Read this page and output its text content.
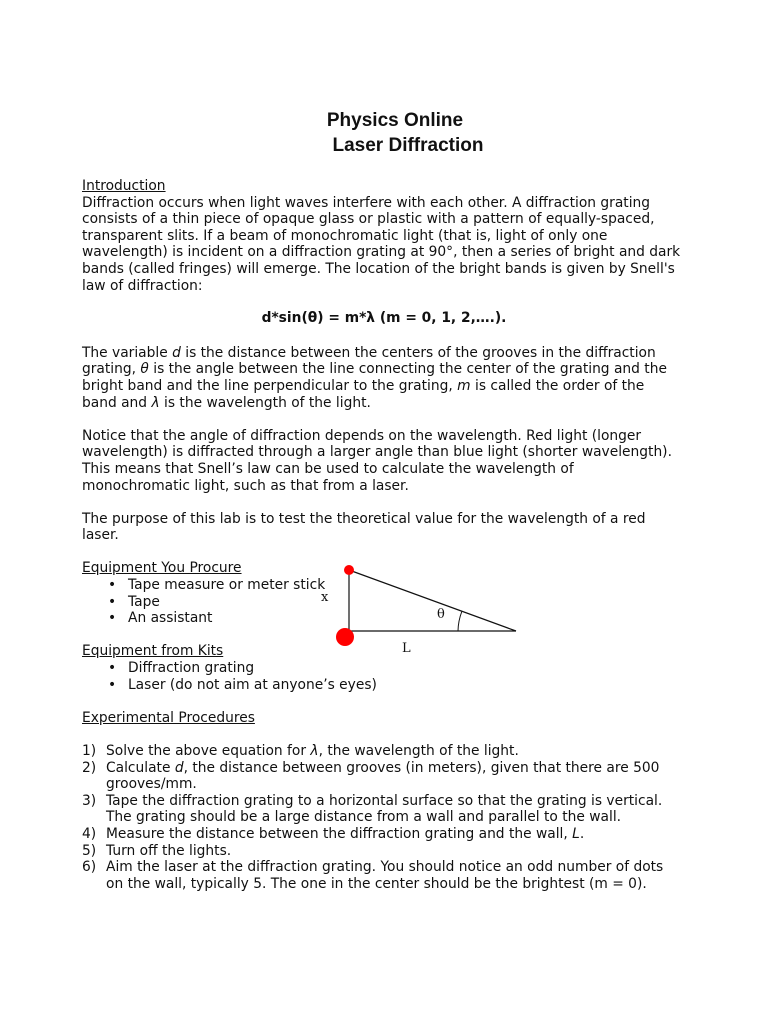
Physics Online
Laser Diffraction

Introduction

Diffraction occurs when light waves interfere with each other. A diffraction grating consists of a thin piece of opaque glass or plastic with a pattern of equally-spaced, transparent slits. If a beam of monochromatic light (that is, light of only one wavelength) is incident on a diffraction grating at 90°, then a series of bright and dark bands (called fringes) will emerge. The location of the bright bands is given by Snell's law of diffraction:

d*sin(θ) = m*λ (m = 0, 1, 2,….).

The variable d is the distance between the centers of the grooves in the diffraction grating, θ is the angle between the line connecting the center of the grating and the bright band and the line perpendicular to the grating, m is called the order of the band and λ is the wavelength of the light.

Notice that the angle of diffraction depends on the wavelength. Red light (longer wavelength) is diffracted through a larger angle than blue light (shorter wavelength). This means that Snell’s law can be used to calculate the wavelength of monochromatic light, such as that from a laser.

The purpose of this lab is to test the theoretical value for the wavelength of a red laser.

Equipment You Procure

• Tape measure or meter stick
• Tape
• An assistant

Equipment from Kits

• Diffraction grating
• Laser (do not aim at anyone’s eyes)

Experimental Procedures

1) Solve the above equation for λ, the wavelength of the light.
2) Calculate d, the distance between grooves (in meters), given that there are 500 grooves/mm.
3) Tape the diffraction grating to a horizontal surface so that the grating is vertical. The grating should be a large distance from a wall and parallel to the wall.
4) Measure the distance between the diffraction grating and the wall, L.
5) Turn off the lights.
6) Aim the laser at the diffraction grating. You should notice an odd number of dots on the wall, typically 5. The one in the center should be the brightest (m = 0).
x
θ
L
